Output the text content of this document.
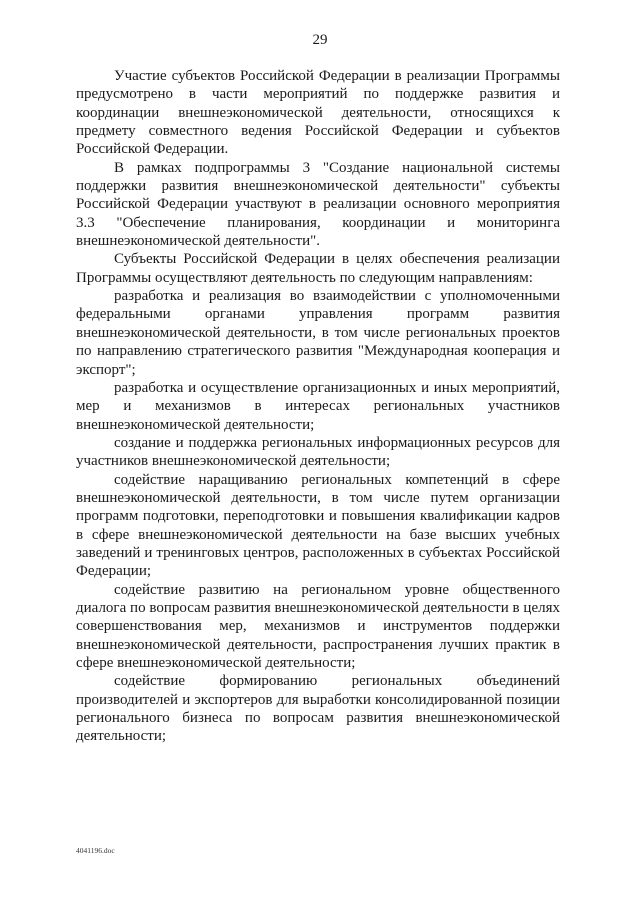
29

Участие субъектов Российской Федерации в реализации Программы предусмотрено в части мероприятий по поддержке развития и координации внешнеэкономической деятельности, относящихся к предмету совместного ведения Российской Федерации и субъектов Российской Федерации.

В рамках подпрограммы 3 "Создание национальной системы поддержки развития внешнеэкономической деятельности" субъекты Российской Федерации участвуют в реализации основного мероприятия 3.3 "Обеспечение планирования, координации и мониторинга внешнеэкономической деятельности".

Субъекты Российской Федерации в целях обеспечения реализации Программы осуществляют деятельность по следующим направлениям:

разработка и реализация во взаимодействии с уполномоченными федеральными органами управления программ развития внешнеэкономической деятельности, в том числе региональных проектов по направлению стратегического развития "Международная кооперация и экспорт";

разработка и осуществление организационных и иных мероприятий, мер и механизмов в интересах региональных участников внешнеэкономической деятельности;

создание и поддержка региональных информационных ресурсов для участников внешнеэкономической деятельности;

содействие наращиванию региональных компетенций в сфере внешнеэкономической деятельности, в том числе путем организации программ подготовки, переподготовки и повышения квалификации кадров в сфере внешнеэкономической деятельности на базе высших учебных заведений и тренинговых центров, расположенных в субъектах Российской Федерации;

содействие развитию на региональном уровне общественного диалога по вопросам развития внешнеэкономической деятельности в целях совершенствования мер, механизмов и инструментов поддержки внешнеэкономической деятельности, распространения лучших практик в сфере внешнеэкономической деятельности;

содействие формированию региональных объединений производителей и экспортеров для выработки консолидированной позиции регионального бизнеса по вопросам развития внешнеэкономической деятельности;

4041196.doc
